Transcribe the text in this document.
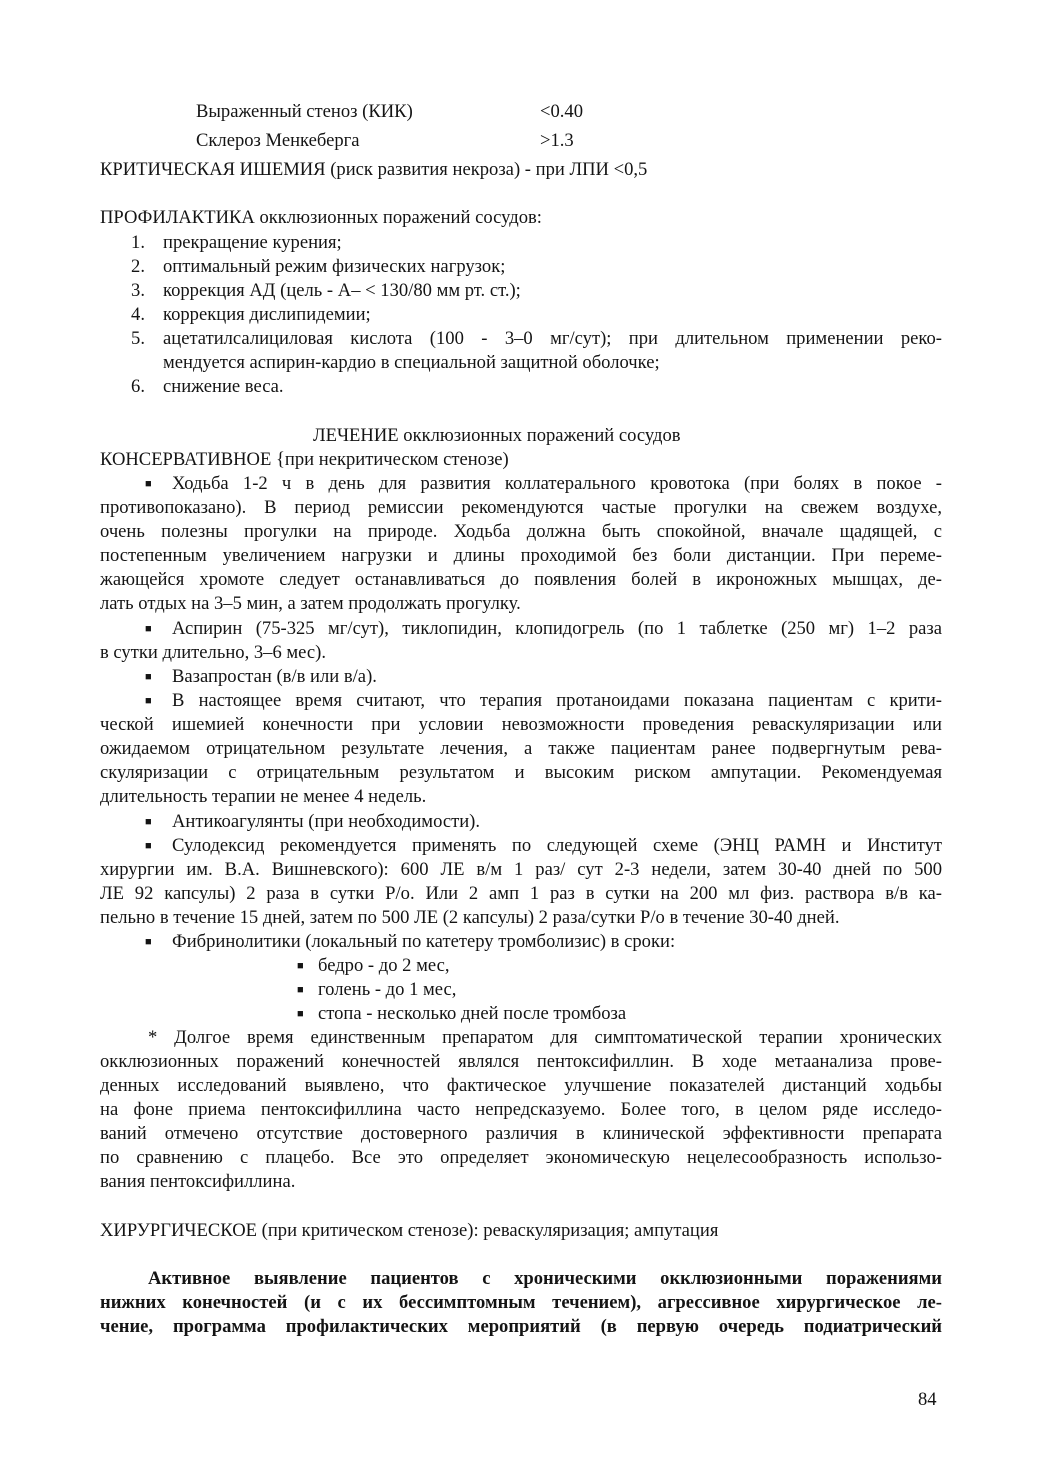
Выраженный стеноз (КИК)	<0.40
Склероз Менкеберга	>1.3
КРИТИЧЕСКАЯ ИШЕМИЯ (риск развития некроза) - при ЛПИ <0,5
ПРОФИЛАКТИКА окклюзионных поражений сосудов:
1. прекращение курения;
2. оптимальный режим физических нагрузок;
3. коррекция АД (цель - А– < 130/80 мм рт. ст.);
4. коррекция дислипидемии;
5. ацетатилсалициловая кислота (100 - 3–0 мг/сут); при длительном применении реко-
мендуется аспирин-кардио в специальной защитной оболочке;
6. снижение веса.
ЛЕЧЕНИЕ окклюзионных поражений сосудов
КОНСЕРВАТИВНОЕ {при некритическом стенозе)
■	Ходьба 1-2 ч в день для развития коллатерального кровотока (при болях в покое -
противопоказано). В период ремиссии рекомендуются частые прогулки на свежем воздухе,
очень полезны прогулки на природе. Ходьба должна быть спокойной, вначале щадящей, с
постепенным увеличением нагрузки и длины проходимой без боли дистанции. При переме-
жающейся хромоте следует останавливаться до появления болей в икроножных мышцах, де-
лать отдых на 3–5 мин, а затем продолжать прогулку.
■	Аспирин (75-325 мг/сут), тиклопидин, клопидогрель (по 1 таблетке (250 мг) 1–2 раза
в сутки длительно, 3–6 мес).
■ Вазапростан (в/в или в/а).
■	В настоящее время считают, что терапия протаноидами показана пациентам с крити-
ческой ишемией конечности при условии невозможности проведения реваскуляризации или
ожидаемом отрицательном результате лечения, а также пациентам ранее подвергнутым рева-
скуляризации с отрицательным результатом и высоким риском ампутации. Рекомендуемая
длительность терапии не менее 4 недель.
■ Антикоагулянты (при необходимости).
■	Сулодексид рекомендуется применять по следующей схеме (ЭНЦ РАМН и Институт
хирургии им. В.А. Вишневского): 600 ЛЕ в/м 1 раз/ сут 2-3 недели, затем 30-40 дней по 500
ЛЕ 92 капсулы) 2 раза в сутки Р/о. Или 2 амп 1 раз в сутки на 200 мл физ. раствора в/в ка-
пельно в течение 15 дней, затем по 500 ЛЕ (2 капсулы) 2 раза/сутки Р/о в течение 30-40 дней.
■ Фибринолитики (локальный по катетеру тромболизис) в сроки:
■ бедро - до 2 мес,
■ голень - до 1 мес,
■ стопа - несколько дней после тромбоза
* Долгое время единственным препаратом для симптоматической терапии хронических
окклюзионных поражений конечностей являлся пентоксифиллин. В ходе метаанализа прове-
денных исследований выявлено, что фактическое улучшение показателей дистанций ходьбы
на фоне приема пентоксифиллина часто непредсказуемо. Более того, в целом ряде исследо-
ваний отмечено отсутствие достоверного различия в клинической эффективности препарата
по сравнению с плацебо. Все это определяет экономическую нецелесообразность использо-
вания пентоксифиллина.
ХИРУРГИЧЕСКОЕ (при критическом стенозе): реваскуляризация; ампутация
Активное выявление пациентов с хроническими окклюзионными поражениями
нижних конечностей (и с их бессимптомным течением), агрессивное хирургическое ле-
чение, программа профилактических мероприятий (в первую очередь подиатрический
84
